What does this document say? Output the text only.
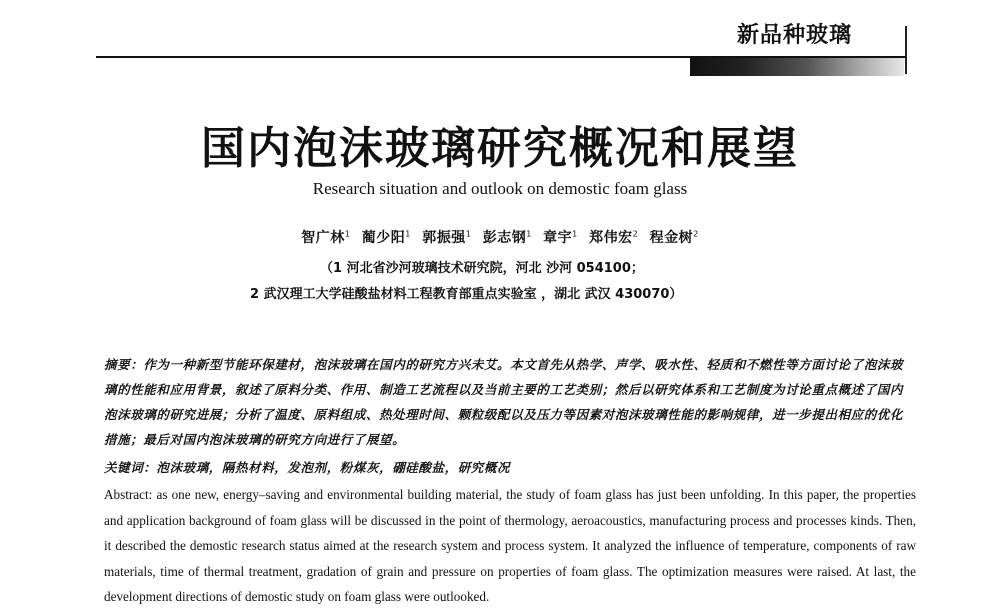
新品种玻璃
国内泡沫玻璃研究概况和展望
Research situation and outlook on demostic foam glass
智广林$^1$ 蔺少阳$^1$ 郭振强$^1$ 彭志钢$^1$ 章宇$^1$ 郑伟宏$^2$ 程金树$^2$
（1 河北省沙河玻璃技术研究院，河北 沙河 054100；
2 武汉理工大学硅酸盐材料工程教育部重点实验室 ，湖北 武汉 430070）
摘要：作为一种新型节能环保建材，泡沫玻璃在国内的研究方兴未艾。本文首先从热学、声学、吸水性、轻质和不燃性等方面讨论了泡沫玻璃的性能和应用背景，叙述了原料分类、作用、制造工艺流程以及当前主要的工艺类别；然后以研究体系和工艺制度为讨论重点概述了国内泡沫玻璃的研究进展；分析了温度、原料组成、热处理时间、颗粒级配以及压力等因素对泡沫玻璃性能的影响规律，进一步提出相应的优化措施；最后对国内泡沫玻璃的研究方向进行了展望。
关键词：泡沫玻璃，隔热材料，发泡剂，粉煤灰，硼硅酸盐，研究概况
Abstract: as one new, energy–saving and environmental building material, the study of foam glass has just been unfolding. In this paper, the properties and application background of foam glass will be discussed in the point of thermology, aeroacoustics, manufacturing process and processes kinds. Then, it described the demostic research status aimed at the research system and process system. It analyzed the influence of temperature, components of raw materials, time of thermal treatment, gradation of grain and pressure on properties of foam glass. The optimization measures were raised. At last, the development directions of demostic study on foam glass were outlooked.
